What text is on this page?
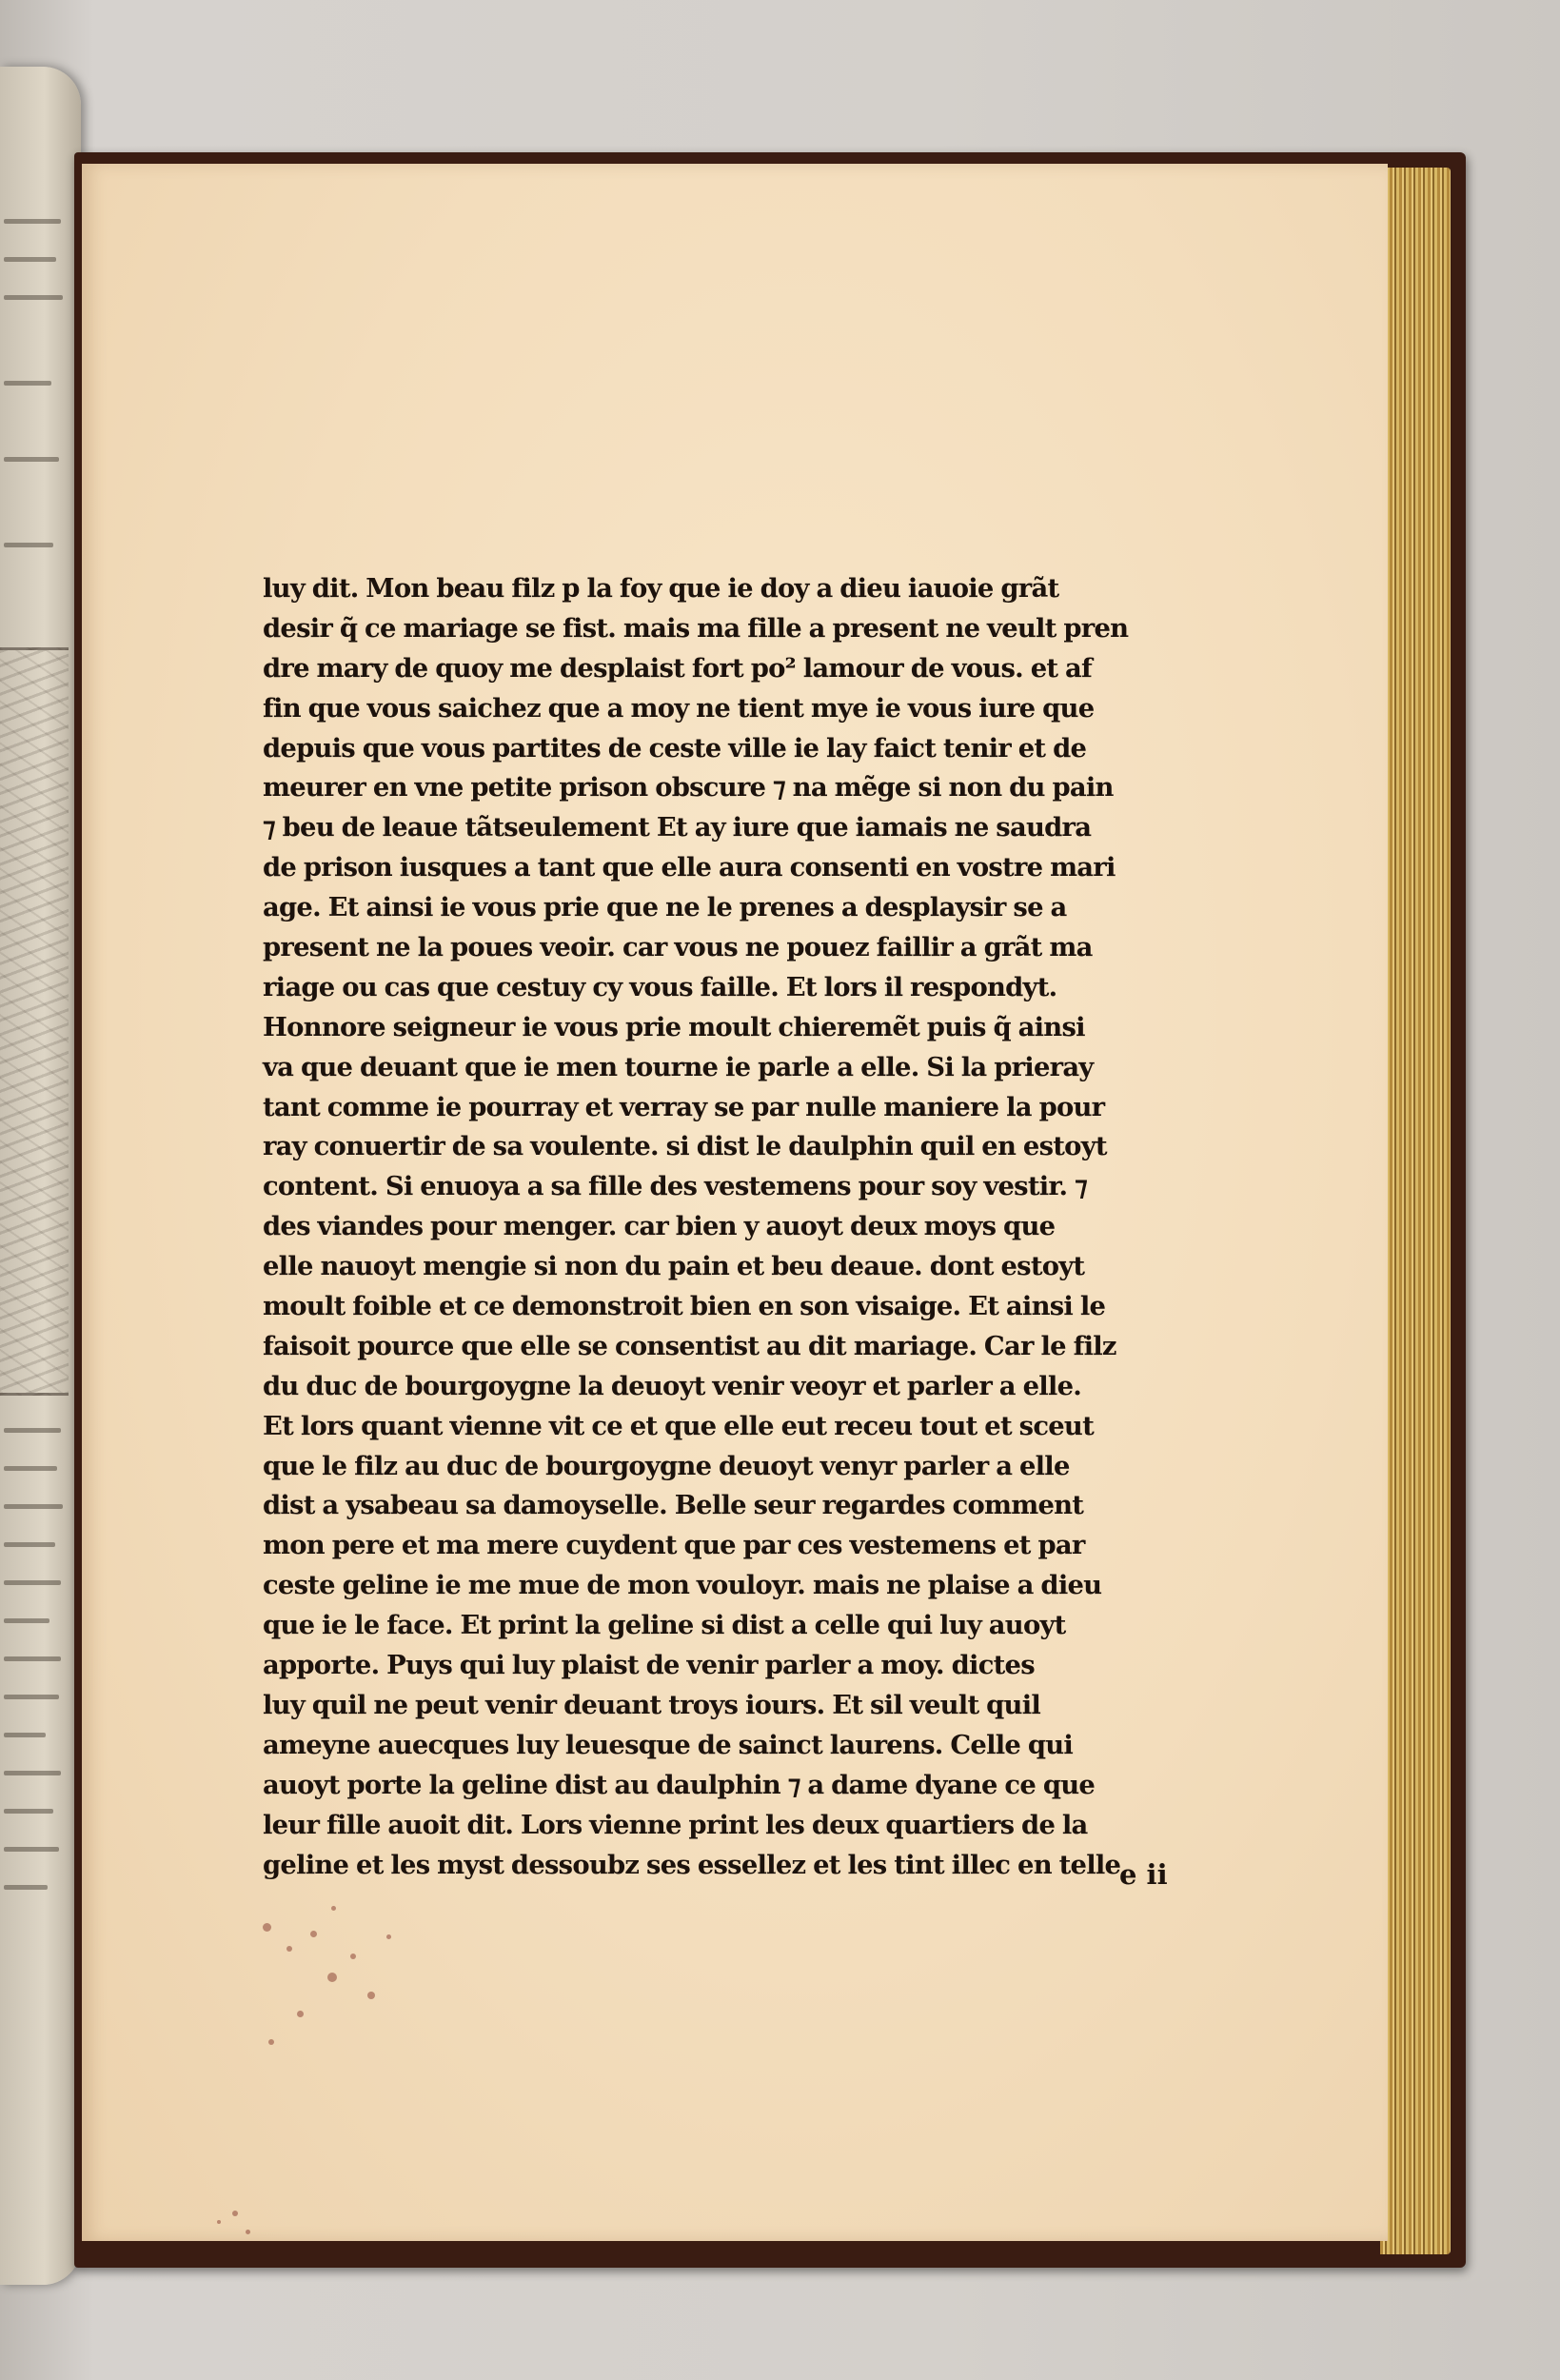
luy dit. Mon beau filz p la foy que ie doy a dieu iauoie grãt
desir q̃ ce mariage se fist. mais ma fille a present ne veult pren
dre mary de quoy me desplaist fort po² lamour de vous. et af
fin que vous saichez que a moy ne tient mye ie vous iure que
depuis que vous partites de ceste ville ie lay faict tenir et de
meurer en vne petite prison obscure ⁊ na mẽge si non du pain
⁊ beu de leaue tãtseulement Et ay iure que iamais ne saudra
de prison iusques a tant que elle aura consenti en vostre mari
age. Et ainsi ie vous prie que ne le prenes a desplaysir se a
present ne la poues veoir. car vous ne pouez faillir a grãt ma
riage ou cas que cestuy cy vous faille. Et lors il respondyt.
Honnore seigneur ie vous prie moult chieremẽt puis q̃ ainsi
va que deuant que ie men tourne ie parle a elle. Si la prieray
tant comme ie pourray et verray se par nulle maniere la pour
ray conuertir de sa voulente. si dist le daulphin quil en estoyt
content. Si enuoya a sa fille des vestemens pour soy vestir. ⁊
des viandes pour menger. car bien y auoyt deux moys que
elle nauoyt mengie si non du pain et beu deaue. dont estoyt
moult foible et ce demonstroit bien en son visaige. Et ainsi le
faisoit pource que elle se consentist au dit mariage. Car le filz
du duc de bourgoygne la deuoyt venir veoyr et parler a elle.
Et lors quant vienne vit ce et que elle eut receu tout et sceut
que le filz au duc de bourgoygne deuoyt venyr parler a elle
dist a ysabeau sa damoyselle. Belle seur regardes comment
mon pere et ma mere cuydent que par ces vestemens et par
ceste geline ie me mue de mon vouloyr. mais ne plaise a dieu
que ie le face. Et print la geline si dist a celle qui luy auoyt
apporte. Puys qui luy plaist de venir parler a moy. dictes
luy quil ne peut venir deuant troys iours. Et sil veult quil
ameyne auecques luy leuesque de sainct laurens. Celle qui
auoyt porte la geline dist au daulphin ⁊ a dame dyane ce que
leur fille auoit dit. Lors vienne print les deux quartiers de la
geline et les myst dessoubz ses essellez et les tint illec en telle
e ii
